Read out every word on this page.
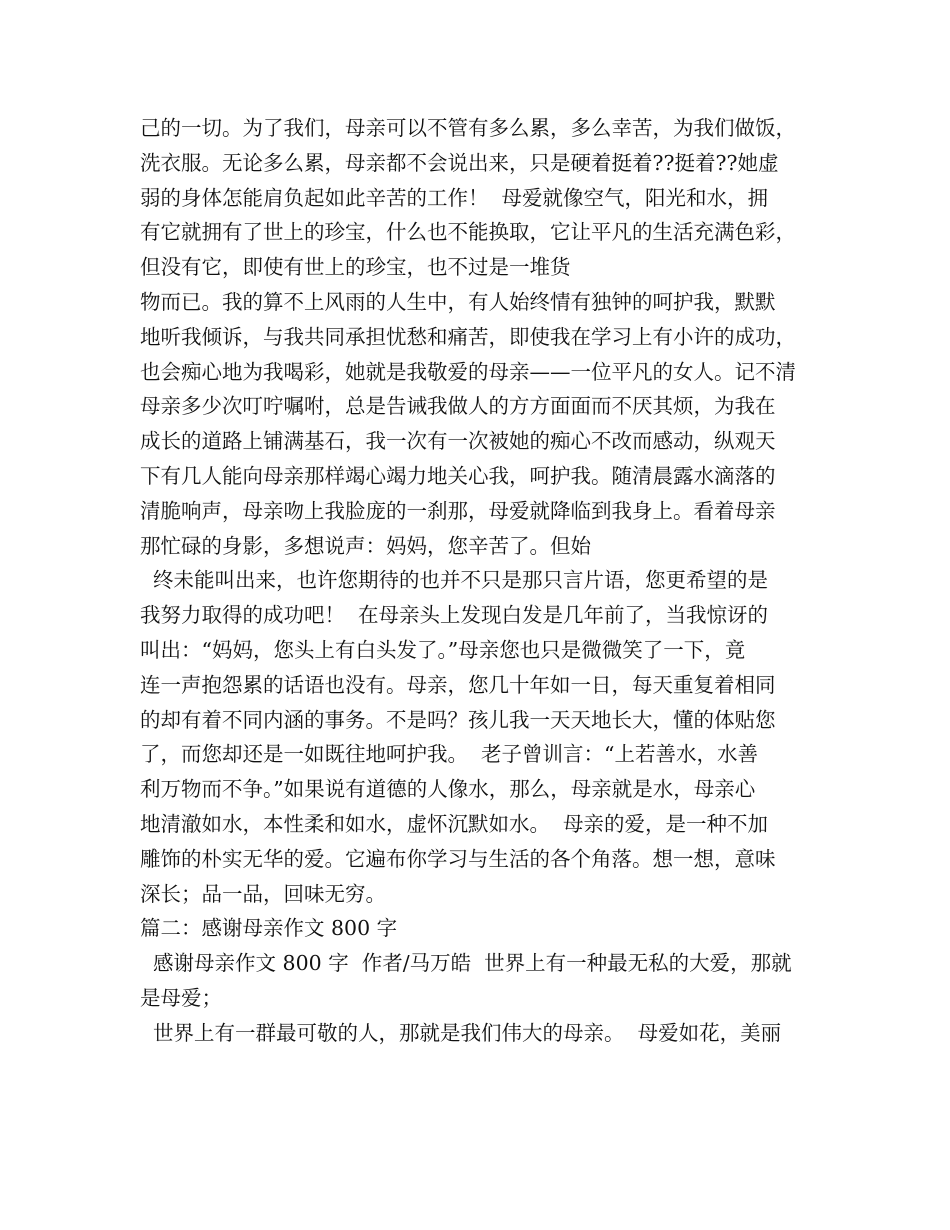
己的一切。为了我们，母亲可以不管有多么累，多么幸苦，为我们做饭，
洗衣服。无论多么累，母亲都不会说出来，只是硬着挺着??挺着??她虚
弱的身体怎能肩负起如此辛苦的工作！  母爱就像空气，阳光和水，拥
有它就拥有了世上的珍宝，什么也不能换取，它让平凡的生活充满色彩，
但没有它，即使有世上的珍宝，也不过是一堆货
物而已。我的算不上风雨的人生中，有人始终情有独钟的呵护我，默默
地听我倾诉，与我共同承担忧愁和痛苦，即使我在学习上有小许的成功，
也会痴心地为我喝彩，她就是我敬爱的母亲——一位平凡的女人。记不清
母亲多少次叮咛嘱咐，总是告诫我做人的方方面面而不厌其烦，为我在
成长的道路上铺满基石，我一次有一次被她的痴心不改而感动，纵观天
下有几人能向母亲那样竭心竭力地关心我，呵护我。随清晨露水滴落的
清脆响声，母亲吻上我脸庞的一刹那，母爱就降临到我身上。看着母亲
那忙碌的身影，多想说声：妈妈，您辛苦了。但始
终未能叫出来，也许您期待的也并不只是那只言片语，您更希望的是
我努力取得的成功吧！  在母亲头上发现白发是几年前了，当我惊讶的
叫出：“妈妈，您头上有白头发了。”母亲您也只是微微笑了一下，竟
连一声抱怨累的话语也没有。母亲，您几十年如一日，每天重复着相同
的却有着不同内涵的事务。不是吗？孩儿我一天天地长大，懂的体贴您
了，而您却还是一如既往地呵护我。  老子曾训言：“上若善水，水善
利万物而不争。”如果说有道德的人像水，那么，母亲就是水，母亲心
地清澈如水，本性柔和如水，虚怀沉默如水。  母亲的爱，是一种不加
雕饰的朴实无华的爱。它遍布你学习与生活的各个角落。想一想，意味
深长；品一品，回味无穷。
篇二：感谢母亲作文 800 字
感谢母亲作文 800 字  作者/马万皓  世界上有一种最无私的大爱，那就
是母爱；
世界上有一群最可敬的人，那就是我们伟大的母亲。  母爱如花，美丽
